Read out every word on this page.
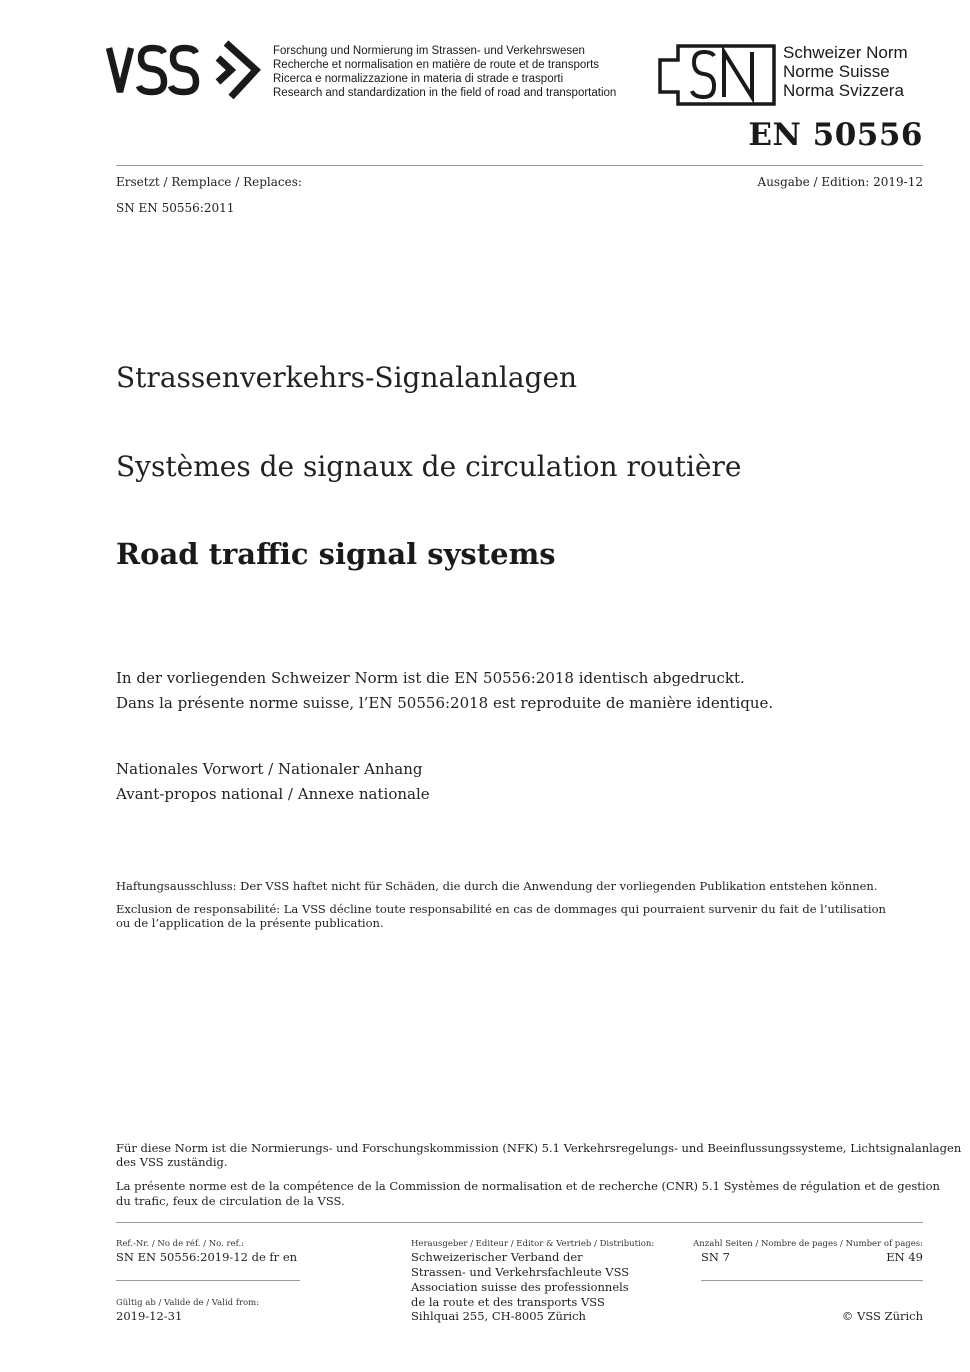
Forschung und Normierung im Strassen- und Verkehrswesen
Recherche et normalisation en matière de route et de transports
Ricerca e normalizzazione in materia di strade e trasporti
Research and standardization in the field of road and transportation
Schweizer Norm
Norme Suisse
Norma Svizzera
EN 50556
Ersetzt / Remplace / Replaces:
SN EN 50556:2011
Ausgabe / Edition: 2019-12
Strassenverkehrs-Signalanlagen
Systèmes de signaux de circulation routière
Road traffic signal systems
In der vorliegenden Schweizer Norm ist die EN 50556:2018 identisch abgedruckt.
Dans la présente norme suisse, l’EN 50556:2018 est reproduite de manière identique.
Nationales Vorwort / Nationaler Anhang
Avant-propos national / Annexe nationale
Haftungsausschluss: Der VSS haftet nicht für Schäden, die durch die Anwendung der vorliegenden Publikation entstehen können.
Exclusion de responsabilité: La VSS décline toute responsabilité en cas de dommages qui pourraient survenir du fait de l’utilisation
ou de l’application de la présente publication.
Für diese Norm ist die Normierungs- und Forschungskommission (NFK) 5.1 Verkehrsregelungs- und Beeinflussungssysteme, Lichtsignalanlagen
des VSS zuständig.
La présente norme est de la compétence de la Commission de normalisation et de recherche (CNR) 5.1 Systèmes de régulation et de gestion
du trafic, feux de circulation de la VSS.
Ref.-Nr. / No de réf. / No. ref.:
SN EN 50556:2019-12 de fr en
Gültig ab / Valide de / Valid from:
2019-12-31
Herausgeber / Editeur / Editor & Vertrieb / Distribution:
Schweizerischer Verband der
Strassen- und Verkehrsfachleute VSS
Association suisse des professionnels
de la route et des transports VSS
Sihlquai 255, CH-8005 Zürich
Anzahl Seiten / Nombre de pages / Number of pages:
SN 7	EN 49
© VSS Zürich
